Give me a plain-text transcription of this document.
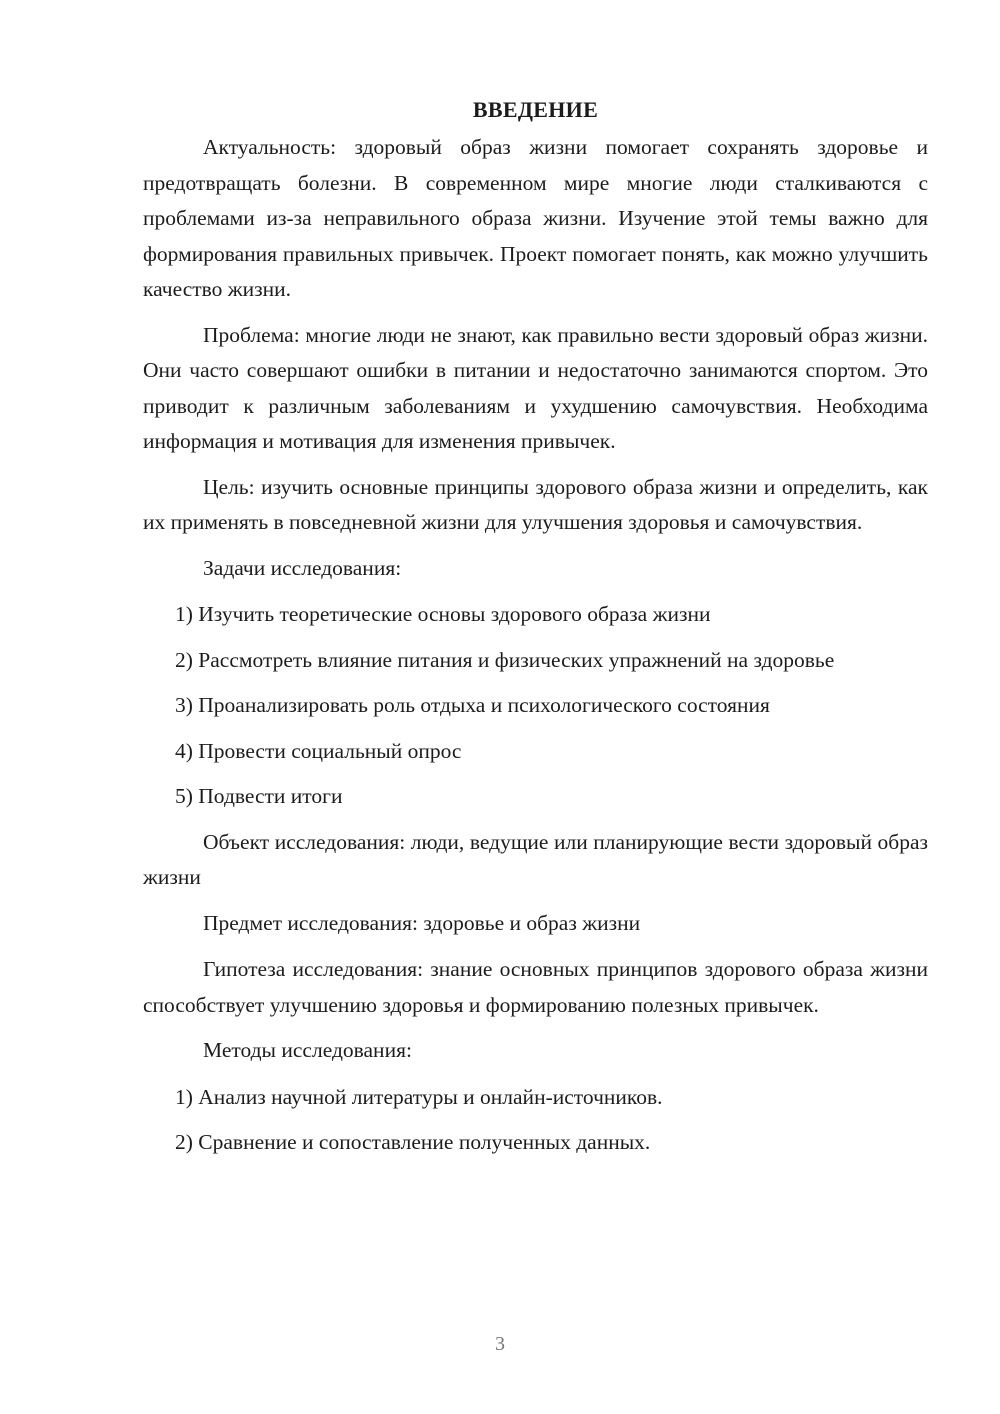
ВВЕДЕНИЕ

Актуальность: здоровый образ жизни помогает сохранять здоровье и предотвращать болезни. В современном мире многие люди сталкиваются с проблемами из-за неправильного образа жизни. Изучение этой темы важно для формирования правильных привычек. Проект помогает понять, как можно улучшить качество жизни.

Проблема: многие люди не знают, как правильно вести здоровый образ жизни. Они часто совершают ошибки в питании и недостаточно занимаются спортом. Это приводит к различным заболеваниям и ухудшению самочувствия. Необходима информация и мотивация для изменения привычек.

Цель: изучить основные принципы здорового образа жизни и определить, как их применять в повседневной жизни для улучшения здоровья и самочувствия.

Задачи исследования:

1) Изучить теоретические основы здорового образа жизни

2) Рассмотреть влияние питания и физических упражнений на здоровье

3) Проанализировать роль отдыха и психологического состояния

4) Провести социальный опрос

5) Подвести итоги

Объект исследования: люди, ведущие или планирующие вести здоровый образ жизни

Предмет исследования: здоровье и образ жизни

Гипотеза исследования: знание основных принципов здорового образа жизни способствует улучшению здоровья и формированию полезных привычек.

Методы исследования:

1) Анализ научной литературы и онлайн-источников.

2) Сравнение и сопоставление полученных данных.

3
